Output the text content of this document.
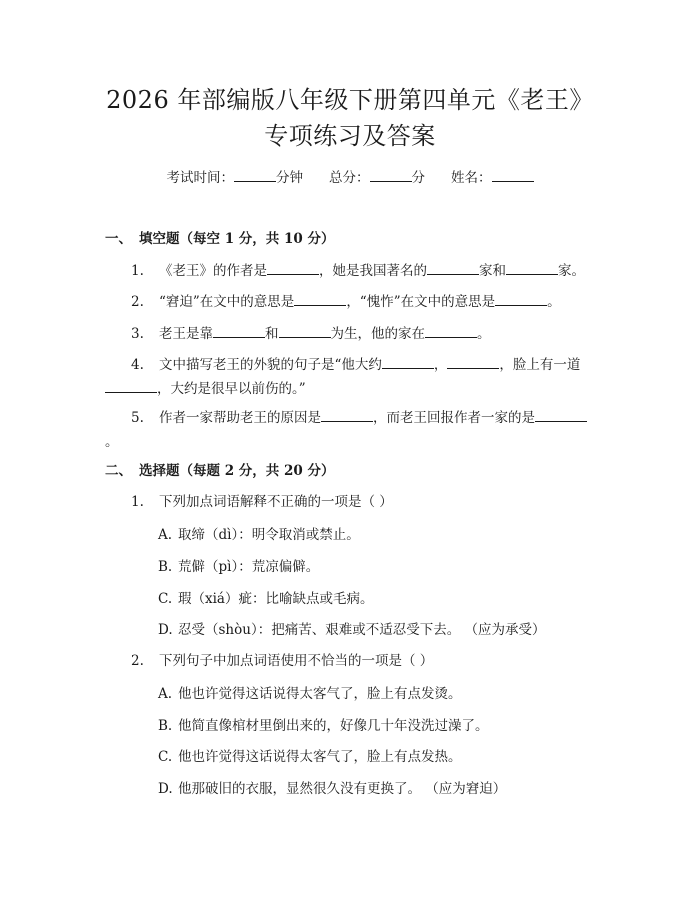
2026 年部编版八年级下册第四单元《老王》
专项练习及答案
考试时间：	分钟 总分：	分 姓名：
一、 填空题（每空 1 分，共 10 分）
1. 《老王》的作者是	，她是我国著名的	家和	家。
2. “窘迫”在文中的意思是	，“愧怍”在文中的意思是	。
3. 老王是靠	和	为生，他的家在	。
4. 文中描写老王的外貌的句子是“他大约	，	，脸上有一道，大约是很早以前伤的。”
5. 作者一家帮助老王的原因是	，而老王回报作者一家的是。
二、 选择题（每题 2 分，共 20 分）
1. 下列加点词语解释不正确的一项是（ ）
A. 取缔（dì）：明令取消或禁止。
B. 荒僻（pì）：荒凉偏僻。
C. 瑕（xiá）疵：比喻缺点或毛病。
D. 忍受（shòu）：把痛苦、艰难或不适忍受下去。 （应为承受）
2. 下列句子中加点词语使用不恰当的一项是（ ）
A. 他也许觉得这话说得太客气了，脸上有点发烫。
B. 他简直像棺材里倒出来的，好像几十年没洗过澡了。
C. 他也许觉得这话说得太客气了，脸上有点发热。
D. 他那破旧的衣服，显然很久没有更换了。 （应为窘迫）
